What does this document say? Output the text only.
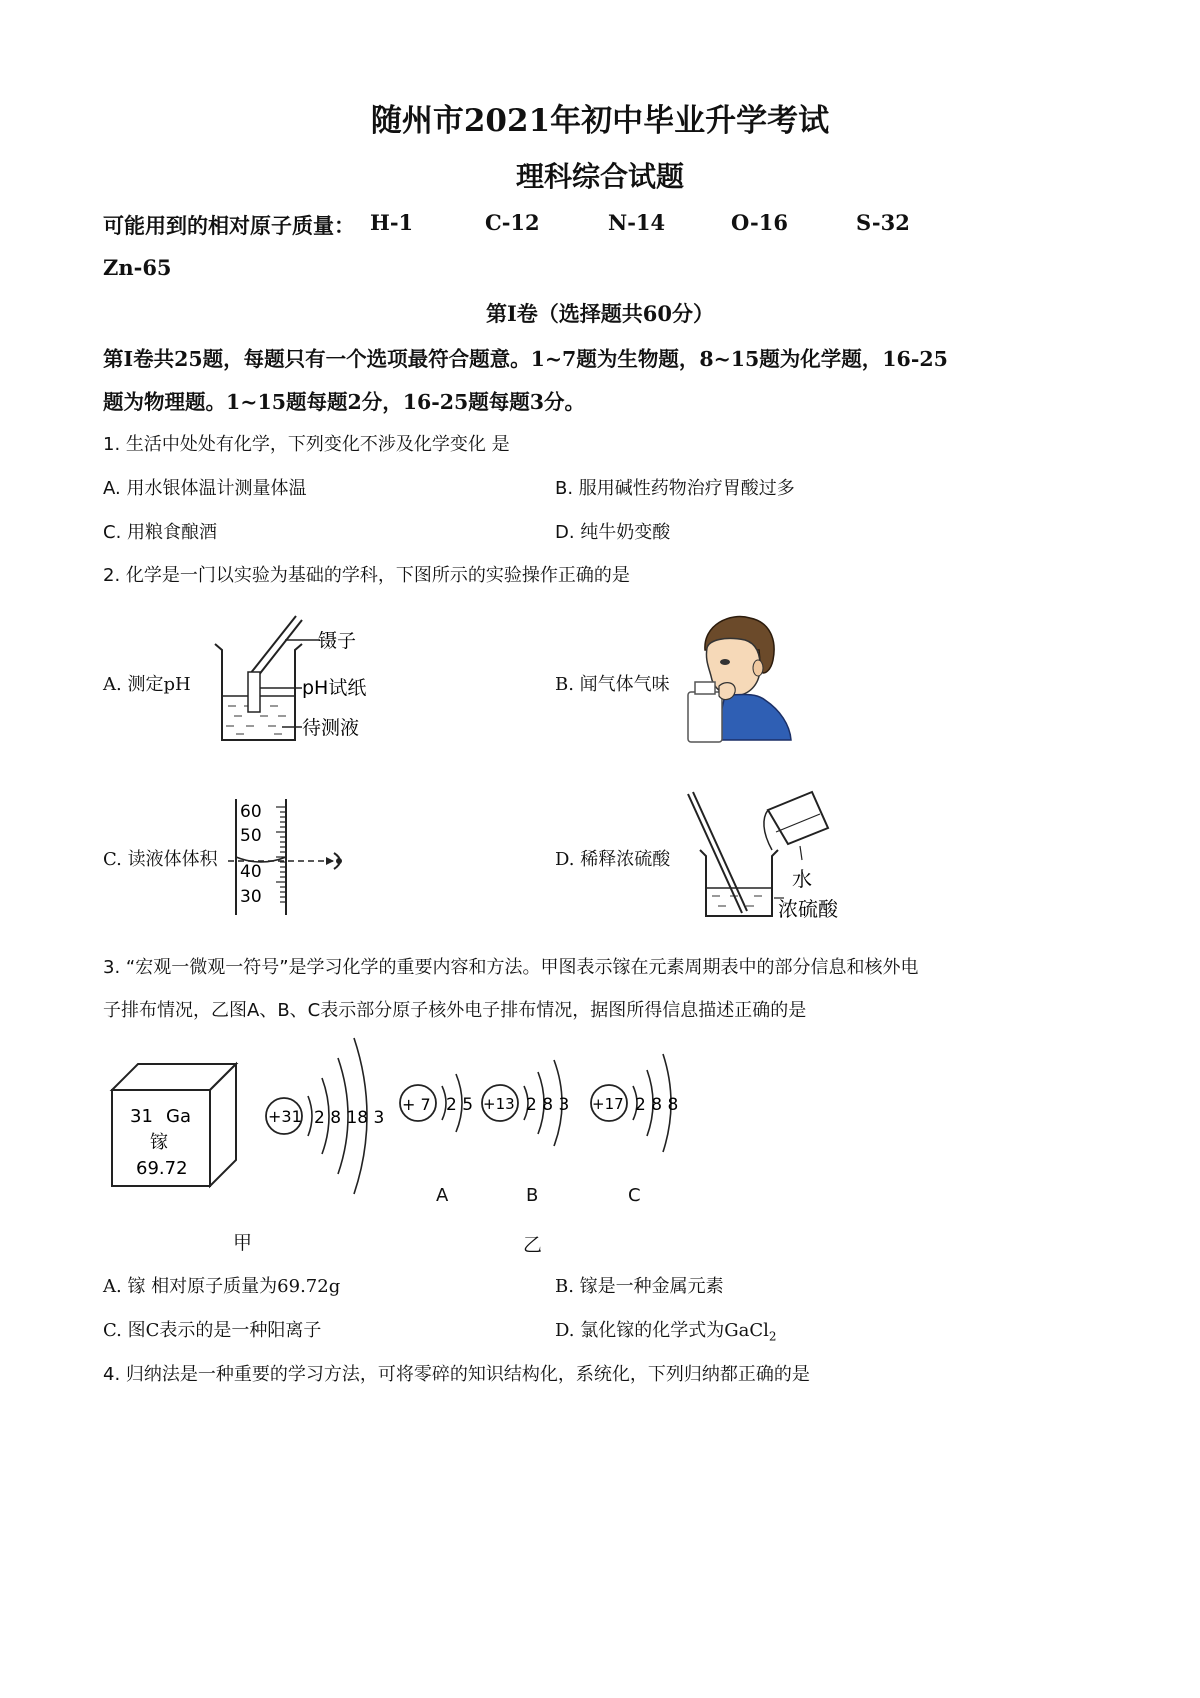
随州市2021年初中毕业升学考试
理科综合试题
可能用到的相对原子质量： H-1	C-12	N-14	O-16	S-32
Zn-65
第Ⅰ卷（选择题共60分）
第Ⅰ卷共25题，每题只有一个选项最符合题意。1~7题为生物题，8~15题为化学题，16-25
题为物理题。1~15题每题2分，16-25题每题3分。
1. 生活中处处有化学，下列变化不涉及化学变化 是
A. 用水银体温计测量体温	B. 服用碱性药物治疗胃酸过多
C. 用粮食酿酒	D. 纯牛奶变酸
2. 化学是一门以实验为基础的学科，下图所示的实验操作正确的是
A. 测定pH	B. 闻气体气味
C. 读液体体积	D. 稀释浓硫酸
镊子
pH试纸
待测液
60
50
40
30
水
浓硫酸
3. “宏观一微观一符号”是学习化学的重要内容和方法。甲图表示镓在元素周期表中的部分信息和核外电
子排布情况，乙图A、B、C表示部分原子核外电子排布情况，据图所得信息描述正确的是
31 Ga
镓
69.72
+31 2 8 18 3
+ 7 2 5
A
+13 2 8 3
B
+17 2 8 8
C
甲	乙
A. 镓 相对原子质量为69.72g	B. 镓是一种金属元素
C. 图C表示的是一种阳离子	D. 氯化镓的化学式为GaCl$_2$
4. 归纳法是一种重要的学习方法，可将零碎的知识结构化，系统化，下列归纳都正确的是
